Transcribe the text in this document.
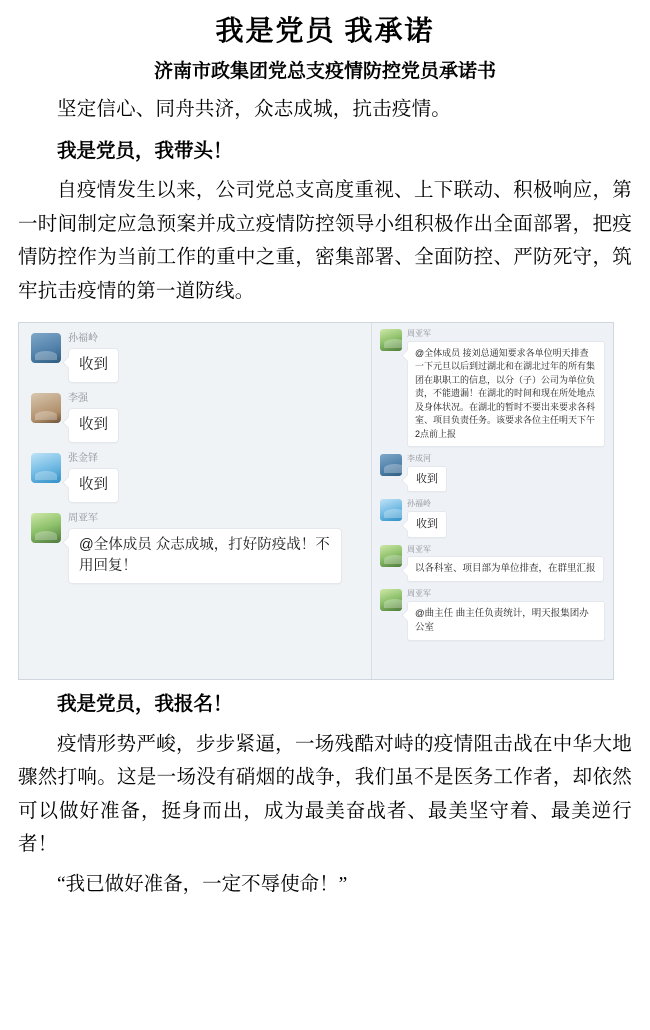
我是党员 我承诺
济南市政集团党总支疫情防控党员承诺书
坚定信心、同舟共济，众志成城，抗击疫情。
我是党员，我带头！
自疫情发生以来，公司党总支高度重视、上下联动、积极响应，第一时间制定应急预案并成立疫情防控领导小组积极作出全面部署，把疫情防控作为当前工作的重中之重，密集部署、全面防控、严防死守，筑牢抗击疫情的第一道防线。
孙福岭
收到
李强
收到
张金铎
收到
周亚军
@全体成员 众志成城，打好防疫战！不用回复！
周亚军
@全体成员 接刘总通知要求各单位明天排查一下元旦以后到过湖北和在湖北过年的所有集团在职职工的信息，以分（子）公司为单位负责，不能遗漏！在湖北的时间和现在所处地点及身体状况。在湖北的暂时不要出来要求各科室、项目负责任务。该要求各位主任明天下午2点前上报
李成河
收到
孙福岭
收到
周亚军
以各科室、项目部为单位排查，在群里汇报
周亚军
@曲主任 曲主任负责统计，明天报集团办公室
我是党员，我报名！
疫情形势严峻，步步紧逼，一场残酷对峙的疫情阻击战在中华大地骤然打响。这是一场没有硝烟的战争，我们虽不是医务工作者，却依然可以做好准备，挺身而出，成为最美奋战者、最美坚守着、最美逆行者！
“我已做好准备，一定不辱使命！”
